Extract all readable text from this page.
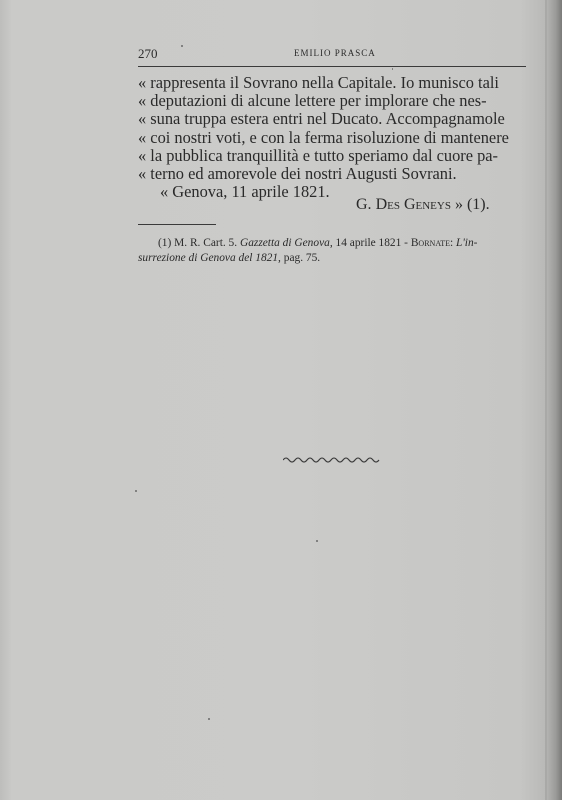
270	EMILIO PRASCA
« rappresenta il Sovrano nella Capitale. Io munisco tali
« deputazioni di alcune lettere per implorare che nes-
« suna truppa estera entri nel Ducato. Accompagnamole
« coi nostri voti, e con la ferma risoluzione di mantenere
« la pubblica tranquillità e tutto speriamo dal cuore pa-
« terno ed amorevole dei nostri Augusti Sovrani.
« Genova, 11 aprile 1821.
G. Des Geneys » (1).
(1) M. R. Cart. 5. Gazzetta di Genova, 14 aprile 1821 - Bornate: L'in-
surrezione di Genova del 1821, pag. 75.
